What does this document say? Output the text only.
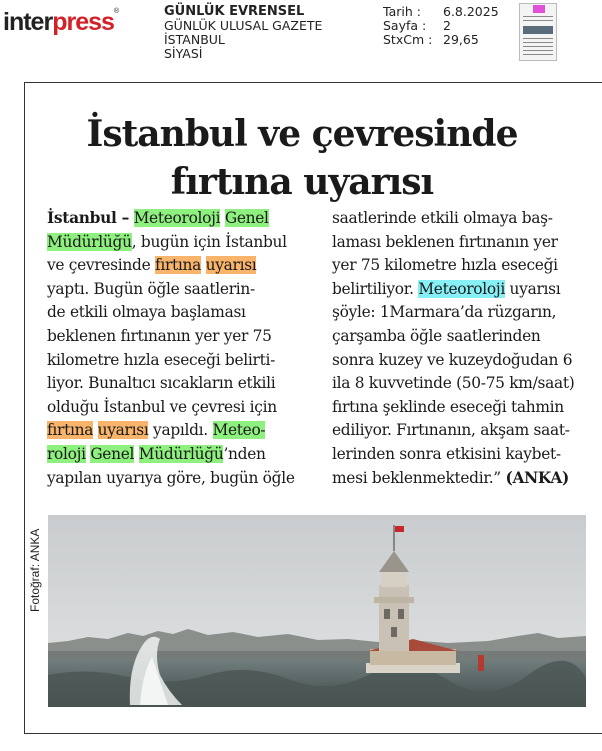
interpress®	GÜNLÜK EVRENSEL
GÜNLÜK ULUSAL GAZETE
İSTANBUL
SİYASİ
Tarih :	6.8.2025
Sayfa :	2
StxCm : 29,65
İstanbul ve çevresinde
fırtına uyarısı
İstanbul – Meteoroloji Genel
Müdürlüğü, bugün için İstanbul
ve çevresinde fırtına uyarısı
yaptı. Bugün öğle saatlerin-
de etkili olmaya başlaması
beklenen fırtınanın yer yer 75
kilometre hızla eseceği belirti-
liyor. Bunaltıcı sıcakların etkili
olduğu İstanbul ve çevresi için
fırtına uyarısı yapıldı. Meteo-
roloji Genel Müdürlüğü’nden
yapılan uyarıya göre, bugün öğle
saatlerinde etkili olmaya baş-
laması beklenen fırtınanın yer
yer 75 kilometre hızla eseceği
belirtiliyor. Meteoroloji uyarısı
şöyle: 1Marmara’da rüzgarın,
çarşamba öğle saatlerinden
sonra kuzey ve kuzeydoğudan 6
ila 8 kuvvetinde (50-75 km/saat)
fırtına şeklinde eseceği tahmin
ediliyor. Fırtınanın, akşam saat-
lerinden sonra etkisini kaybet-
mesi beklenmektedir.” (ANKA)
Fotoğraf: ANKA
